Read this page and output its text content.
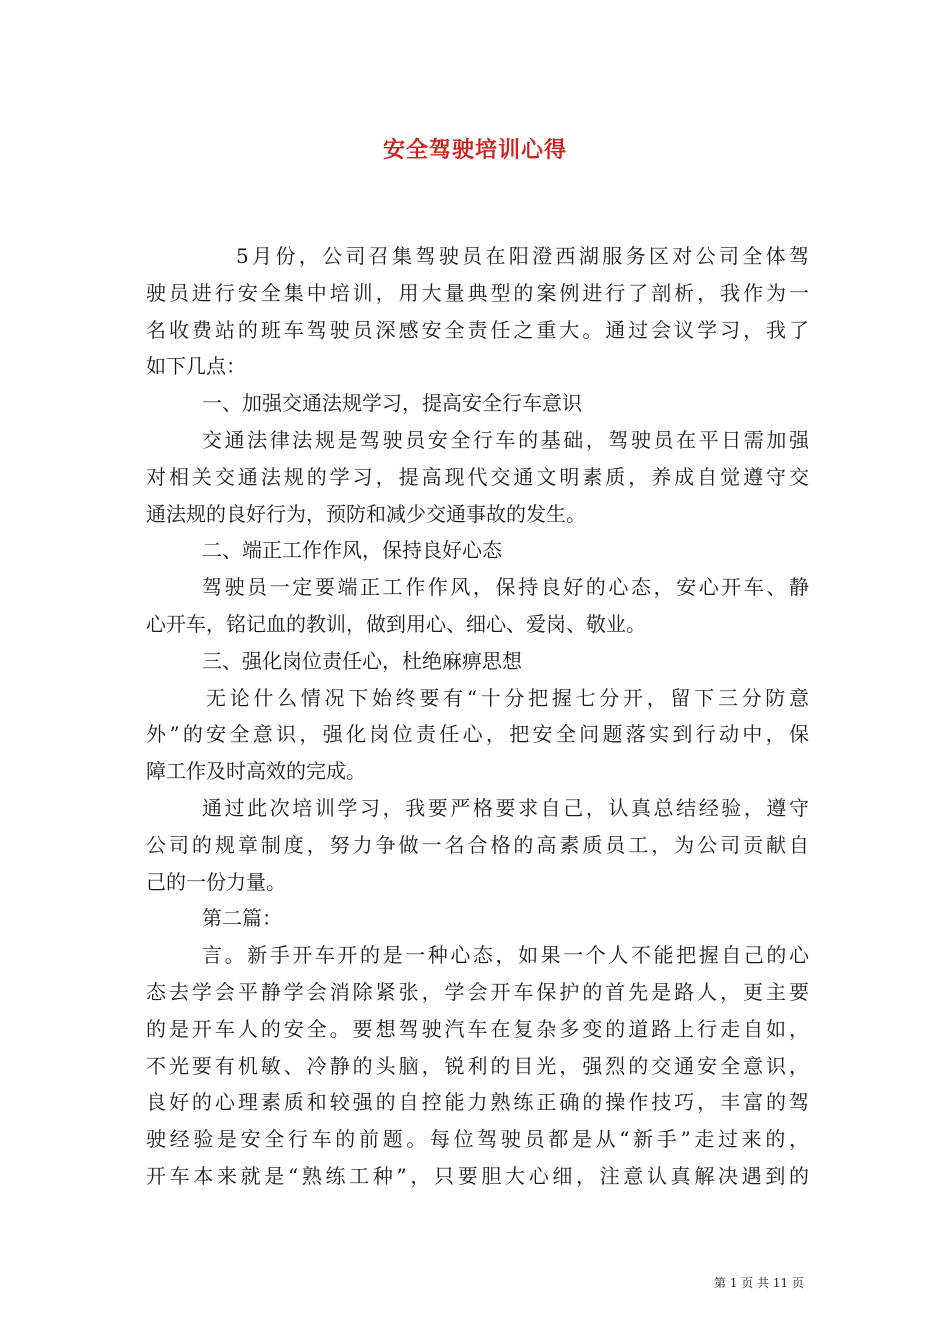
安全驾驶培训心得
5月份，公司召集驾驶员在阳澄西湖服务区对公司全体驾
驶员进行安全集中培训，用大量典型的案例进行了剖析，我作为一
名收费站的班车驾驶员深感安全责任之重大。通过会议学习，我了
如下几点：
一、加强交通法规学习，提高安全行车意识
交通法律法规是驾驶员安全行车的基础，驾驶员在平日需加强
对相关交通法规的学习，提高现代交通文明素质，养成自觉遵守交
通法规的良好行为，预防和减少交通事故的发生。
二、端正工作作风，保持良好心态
驾驶员一定要端正工作作风，保持良好的心态，安心开车、静
心开车，铭记血的教训，做到用心、细心、爱岗、敬业。
三、强化岗位责任心，杜绝麻痹思想
无论什么情况下始终要有“十分把握七分开，留下三分防意
外”的安全意识，强化岗位责任心，把安全问题落实到行动中，保
障工作及时高效的完成。
通过此次培训学习，我要严格要求自己，认真总结经验，遵守
公司的规章制度，努力争做一名合格的高素质员工，为公司贡献自
己的一份力量。
第二篇：
言。新手开车开的是一种心态，如果一个人不能把握自己的心
态去学会平静学会消除紧张，学会开车保护的首先是路人，更主要
的是开车人的安全。要想驾驶汽车在复杂多变的道路上行走自如，
不光要有机敏、冷静的头脑，锐利的目光，强烈的交通安全意识，
良好的心理素质和较强的自控能力熟练正确的操作技巧，丰富的驾
驶经验是安全行车的前题。每位驾驶员都是从“新手”走过来的，
开车本来就是“熟练工种”，只要胆大心细，注意认真解决遇到的
第 1 页 共 11 页
